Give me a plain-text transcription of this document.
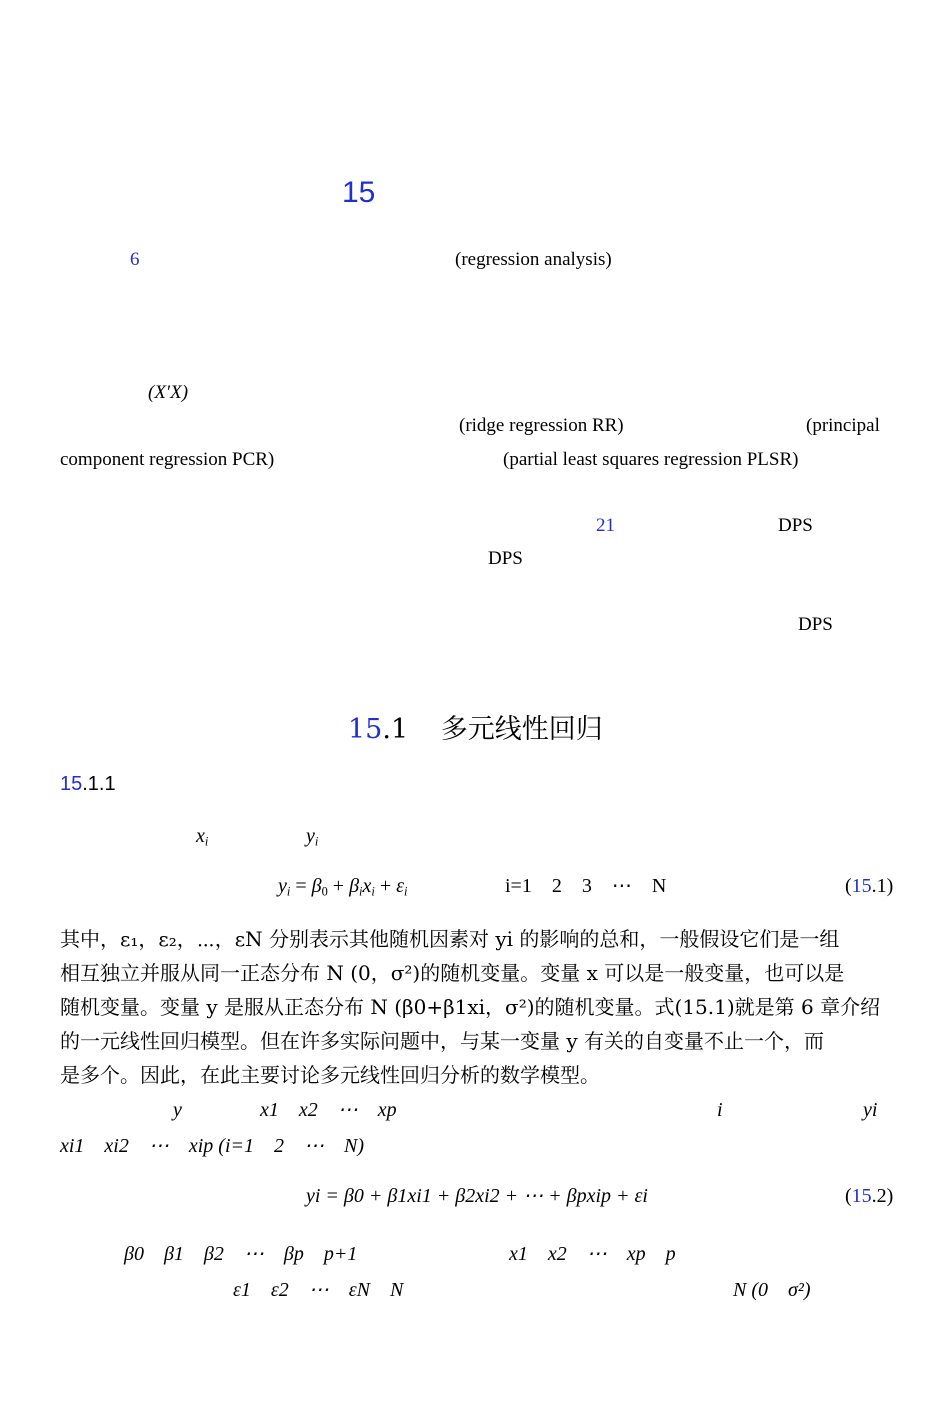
15
6	(regression analysis)
(X′X)
(ridge regression RR)	(principal
component regression PCR)	(partial least squares regression PLSR)
21	DPS
DPS
DPS
15.1 多元线性回归
15.1.1
$x_i$	$y_i$
$y_i = \beta_0 + \beta_ix_i + \varepsilon_i$	i=1    2    3    ⋯    N	(15.1)
其中，ε₁，ε₂，⋯，εN 分别表示其他随机因素对 yi 的影响的总和，一般假设它们是一组
相互独立并服从同一正态分布 N (0，σ²)的随机变量。变量 x 可以是一般变量，也可以是
随机变量。变量 y 是服从正态分布 N (β0+β1xi，σ²)的随机变量。式(15.1)就是第 6 章介绍
的一元线性回归模型。但在许多实际问题中，与某一变量 y 有关的自变量不止一个，而
是多个。因此，在此主要讨论多元线性回归分析的数学模型。
y	x1    x2    ⋯    xp	i	yi
xi1    xi2    ⋯    xip (i=1    2    ⋯    N)
yi = β0 + β1xi1 + β2xi2 + ⋯ + βpxip + εi	(15.2)
β0    β1    β2    ⋯    βp    p+1	x1    x2    ⋯    xp    p
ε1    ε2    ⋯    εN    N	N (0    σ²)
